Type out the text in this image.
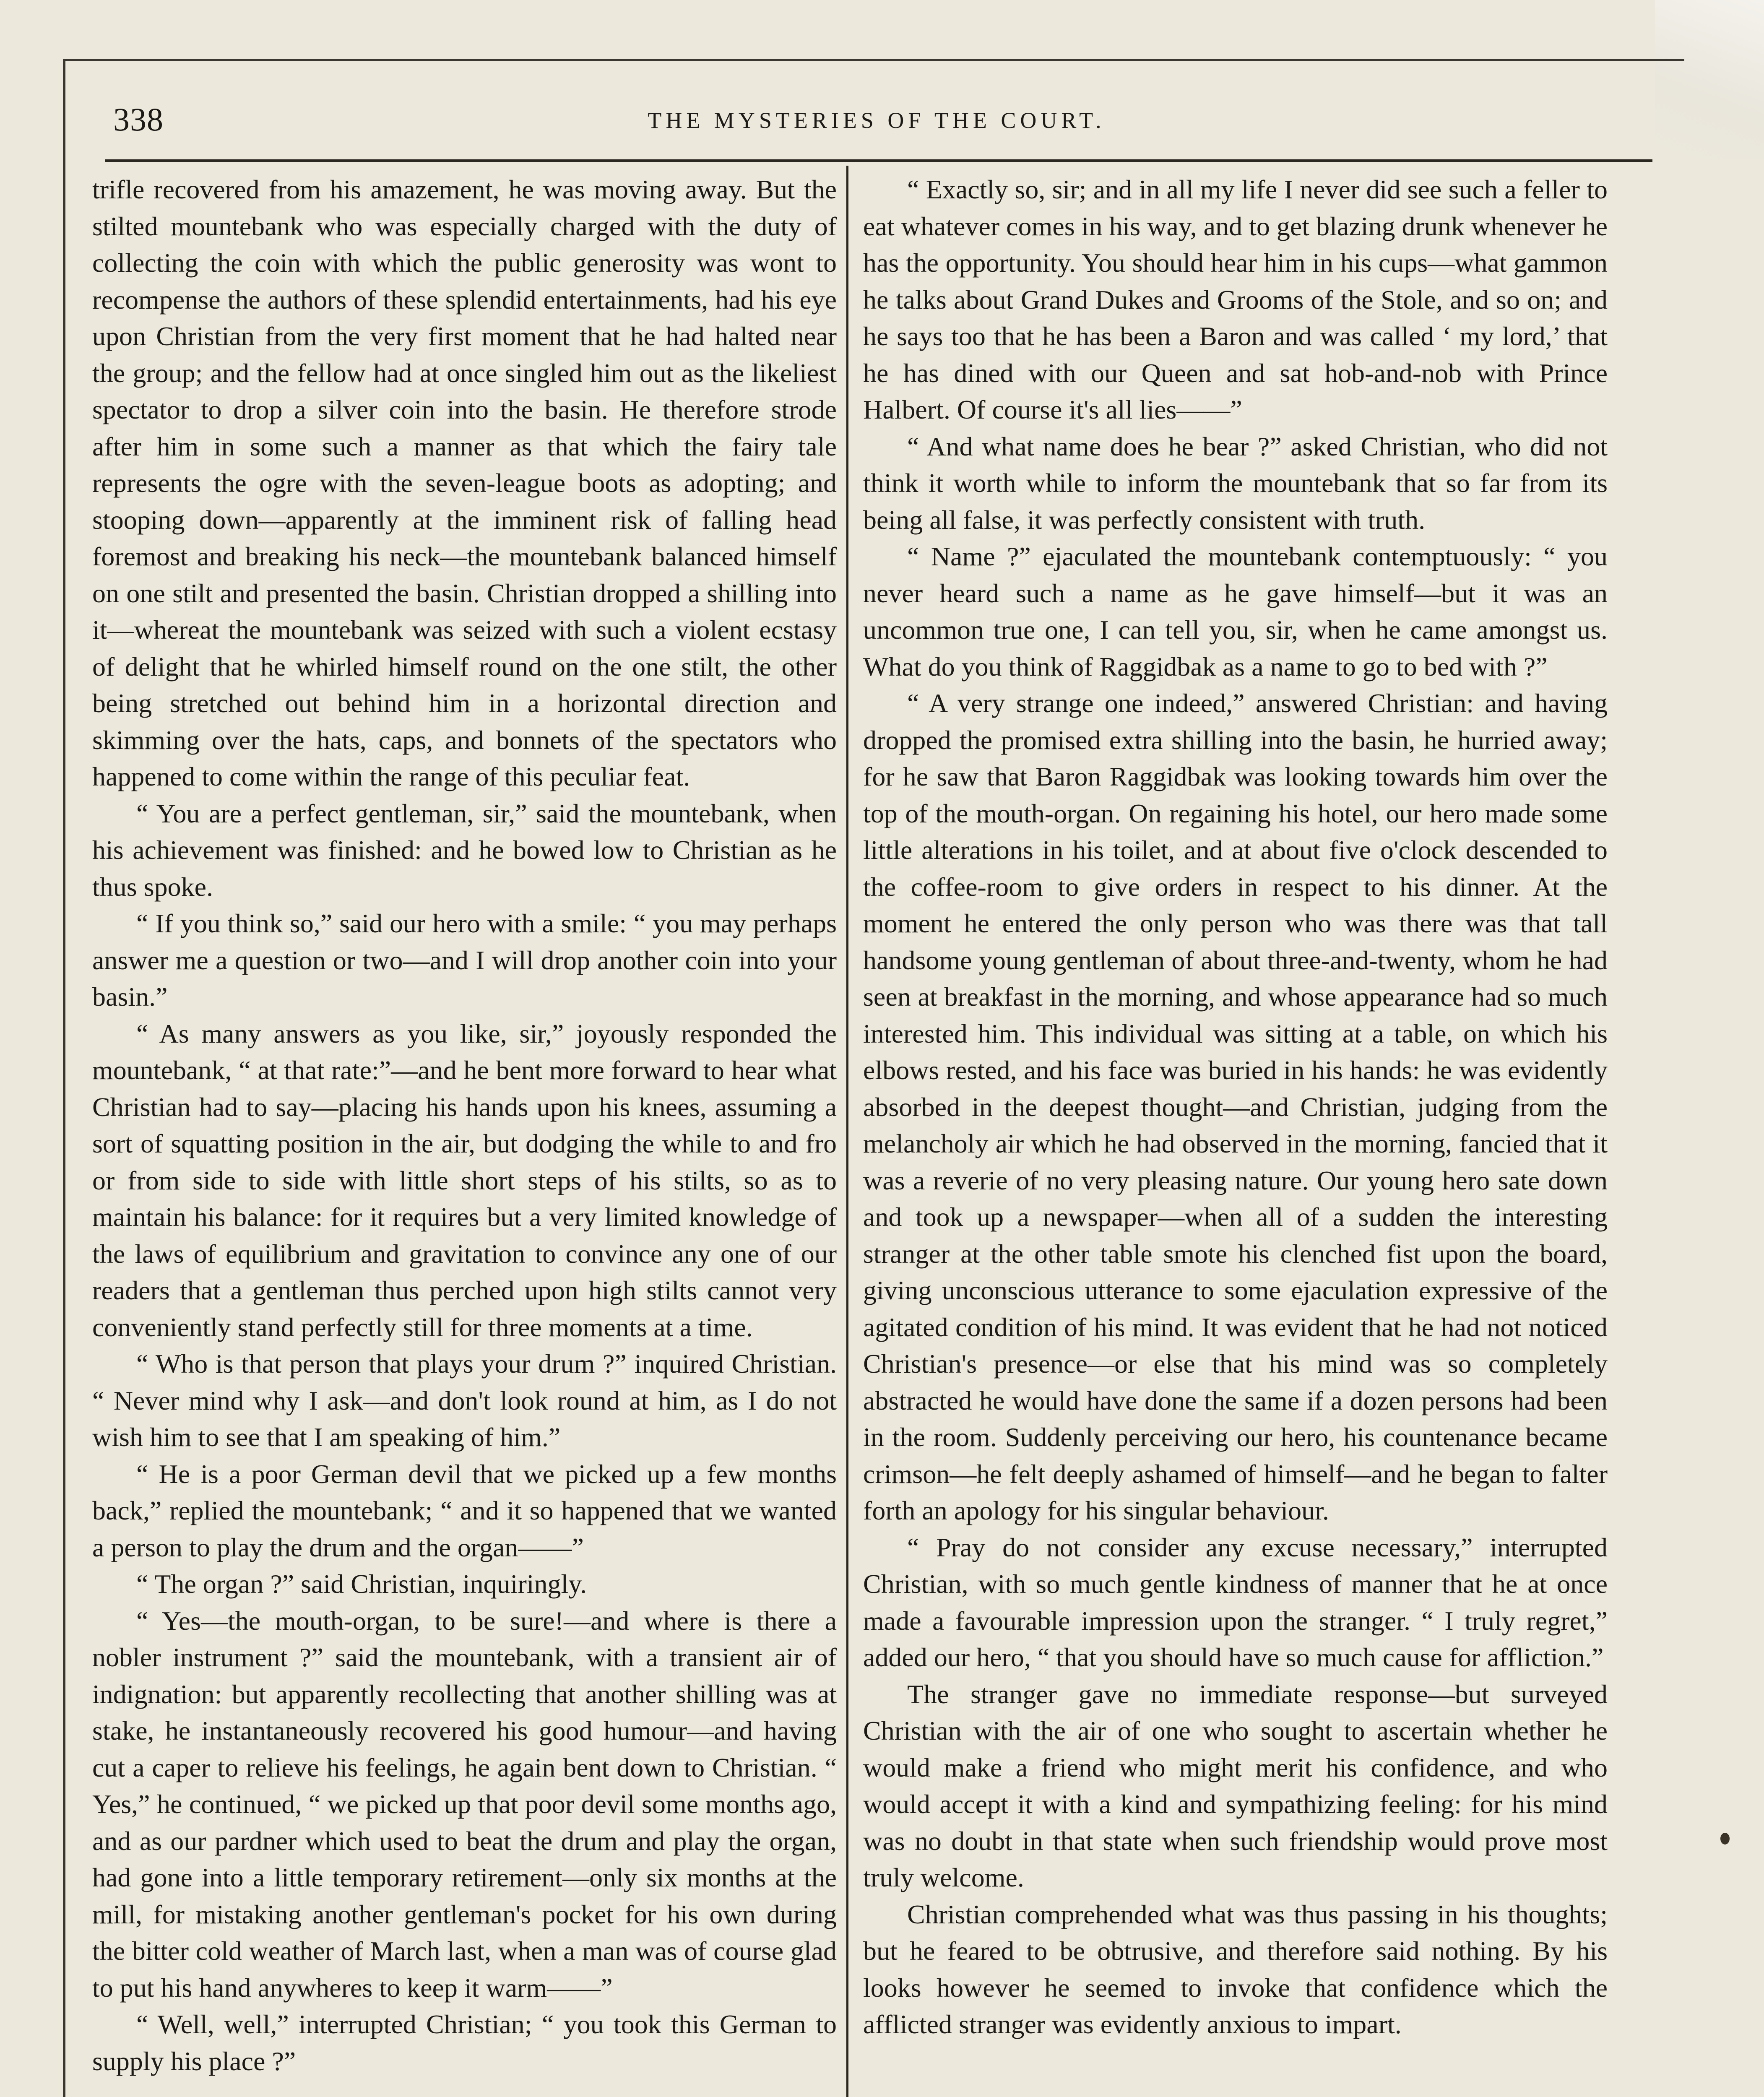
338	THE MYSTERIES OF THE COURT.

trifle recovered from his amazement, he was moving away. But the stilted mountebank who was especially charged with the duty of collecting the coin with which the public generosity was wont to recompense the authors of these splendid entertainments, had his eye upon Christian from the very first moment that he had halted near the group; and the fellow had at once singled him out as the likeliest spectator to drop a silver coin into the basin. He therefore strode after him in some such a manner as that which the fairy tale represents the ogre with the seven-league boots as adopting; and stooping down—apparently at the imminent risk of falling head foremost and breaking his neck—the mountebank balanced himself on one stilt and presented the basin. Christian dropped a shilling into it—whereat the mountebank was seized with such a violent ecstasy of delight that he whirled himself round on the one stilt, the other being stretched out behind him in a horizontal direction and skimming over the hats, caps, and bonnets of the spectators who happened to come within the range of this peculiar feat.

“ You are a perfect gentleman, sir,” said the mountebank, when his achievement was finished: and he bowed low to Christian as he thus spoke.

“ If you think so,” said our hero with a smile: “ you may perhaps answer me a question or two—and I will drop another coin into your basin.”

“ As many answers as you like, sir,” joyously responded the mountebank, “ at that rate:”—and he bent more forward to hear what Christian had to say—placing his hands upon his knees, assuming a sort of squatting position in the air, but dodging the while to and fro or from side to side with little short steps of his stilts, so as to maintain his balance: for it requires but a very limited knowledge of the laws of equilibrium and gravitation to convince any one of our readers that a gentleman thus perched upon high stilts cannot very conveniently stand perfectly still for three moments at a time.

“ Who is that person that plays your drum ?” inquired Christian. “ Never mind why I ask—and don't look round at him, as I do not wish him to see that I am speaking of him.”

“ He is a poor German devil that we picked up a few months back,” replied the mountebank; “ and it so happened that we wanted a person to play the drum and the organ——”

“ The organ ?” said Christian, inquiringly.

“ Yes—the mouth-organ, to be sure!—and where is there a nobler instrument ?” said the mountebank, with a transient air of indignation: but apparently recollecting that another shilling was at stake, he instantaneously recovered his good humour—and having cut a caper to relieve his feelings, he again bent down to Christian. “ Yes,” he continued, “ we picked up that poor devil some months ago, and as our pardner which used to beat the drum and play the organ, had gone into a little temporary retirement—only six months at the mill, for mistaking another gentleman's pocket for his own during the bitter cold weather of March last, when a man was of course glad to put his hand anywheres to keep it warm——”

“ Well, well,” interrupted Christian; “ you took this German to supply his place ?”

“ Exactly so, sir; and in all my life I never did see such a feller to eat whatever comes in his way, and to get blazing drunk whenever he has the opportunity. You should hear him in his cups—what gammon he talks about Grand Dukes and Grooms of the Stole, and so on; and he says too that he has been a Baron and was called ‘ my lord,’ that he has dined with our Queen and sat hob-and-nob with Prince Halbert. Of course it's all lies——”

“ And what name does he bear ?” asked Christian, who did not think it worth while to inform the mountebank that so far from its being all false, it was perfectly consistent with truth.

“ Name ?” ejaculated the mountebank contemptuously: “ you never heard such a name as he gave himself—but it was an uncommon true one, I can tell you, sir, when he came amongst us. What do you think of Raggidbak as a name to go to bed with ?”

“ A very strange one indeed,” answered Christian: and having dropped the promised extra shilling into the basin, he hurried away; for he saw that Baron Raggidbak was looking towards him over the top of the mouth-organ. On regaining his hotel, our hero made some little alterations in his toilet, and at about five o'clock descended to the coffee-room to give orders in respect to his dinner. At the moment he entered the only person who was there was that tall handsome young gentleman of about three-and-twenty, whom he had seen at breakfast in the morning, and whose appearance had so much interested him. This individual was sitting at a table, on which his elbows rested, and his face was buried in his hands: he was evidently absorbed in the deepest thought—and Christian, judging from the melancholy air which he had observed in the morning, fancied that it was a reverie of no very pleasing nature. Our young hero sate down and took up a newspaper—when all of a sudden the interesting stranger at the other table smote his clenched fist upon the board, giving unconscious utterance to some ejaculation expressive of the agitated condition of his mind. It was evident that he had not noticed Christian's presence—or else that his mind was so completely abstracted he would have done the same if a dozen persons had been in the room. Suddenly perceiving our hero, his countenance became crimson—he felt deeply ashamed of himself—and he began to falter forth an apology for his singular behaviour.

“ Pray do not consider any excuse necessary,” interrupted Christian, with so much gentle kindness of manner that he at once made a favourable impression upon the stranger. “ I truly regret,” added our hero, “ that you should have so much cause for affliction.”

The stranger gave no immediate response—but surveyed Christian with the air of one who sought to ascertain whether he would make a friend who might merit his confidence, and who would accept it with a kind and sympathizing feeling: for his mind was no doubt in that state when such friendship would prove most truly welcome.

Christian comprehended what was thus passing in his thoughts; but he feared to be obtrusive, and therefore said nothing. By his looks however he seemed to invoke that confidence which the afflicted stranger was evidently anxious to impart.
